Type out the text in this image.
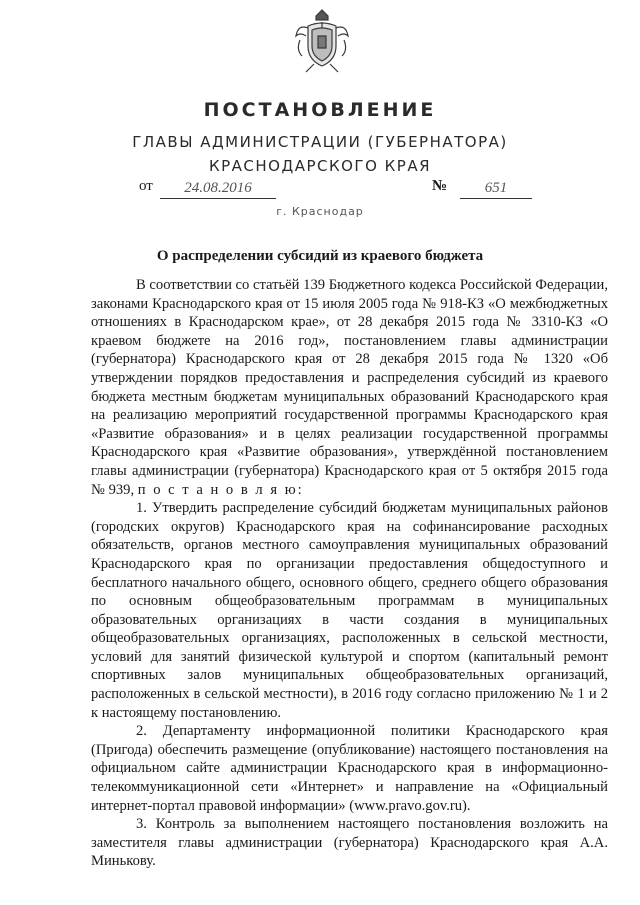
ПОСТАНОВЛЕНИЕ
ГЛАВЫ АДМИНИСТРАЦИИ (ГУБЕРНАТОРА)
КРАСНОДАРСКОГО КРАЯ
от	24.08.2016	№	651
г. Краснодар
О распределении субсидий из краевого бюджета

В соответствии со статьёй 139 Бюджетного кодекса Российской Федерации, законами Краснодарского края от 15 июля 2005 года № 918-КЗ «О межбюджетных отношениях в Краснодарском крае», от 28 декабря 2015 года № 3310-КЗ «О краевом бюджете на 2016 год», постановлением главы администрации (губернатора) Краснодарского края от 28 декабря 2015 года № 1320 «Об утверждении порядков предоставления и распределения субсидий из краевого бюджета местным бюджетам муниципальных образований Краснодарского края на реализацию мероприятий государственной программы Краснодарского края «Развитие образования» и в целях реализации государственной программы Краснодарского края «Развитие образования», утверждённой постановлением главы администрации (губернатора) Краснодарского края от 5 октября 2015 года № 939, п о с т а н о в л я ю:

1. Утвердить распределение субсидий бюджетам муниципальных районов (городских округов) Краснодарского края на софинансирование расходных обязательств, органов местного самоуправления муниципальных образований Краснодарского края по организации предоставления общедоступного и бесплатного начального общего, основного общего, среднего общего образования по основным общеобразовательным программам в муниципальных образовательных организациях в части создания в муниципальных общеобразовательных организациях, расположенных в сельской местности, условий для занятий физической культурой и спортом (капитальный ремонт спортивных залов муниципальных общеобразовательных организаций, расположенных в сельской местности), в 2016 году согласно приложению № 1 и 2 к настоящему постановлению.

2. Департаменту информационной политики Краснодарского края (Пригода) обеспечить размещение (опубликование) настоящего постановления на официальном сайте администрации Краснодарского края в информационно-телекоммуникационной сети «Интернет» и направление на «Официальный интернет-портал правовой информации» (www.pravo.gov.ru).

3. Контроль за выполнением настоящего постановления возложить на заместителя главы администрации (губернатора) Краснодарского края А.А. Минькову.
